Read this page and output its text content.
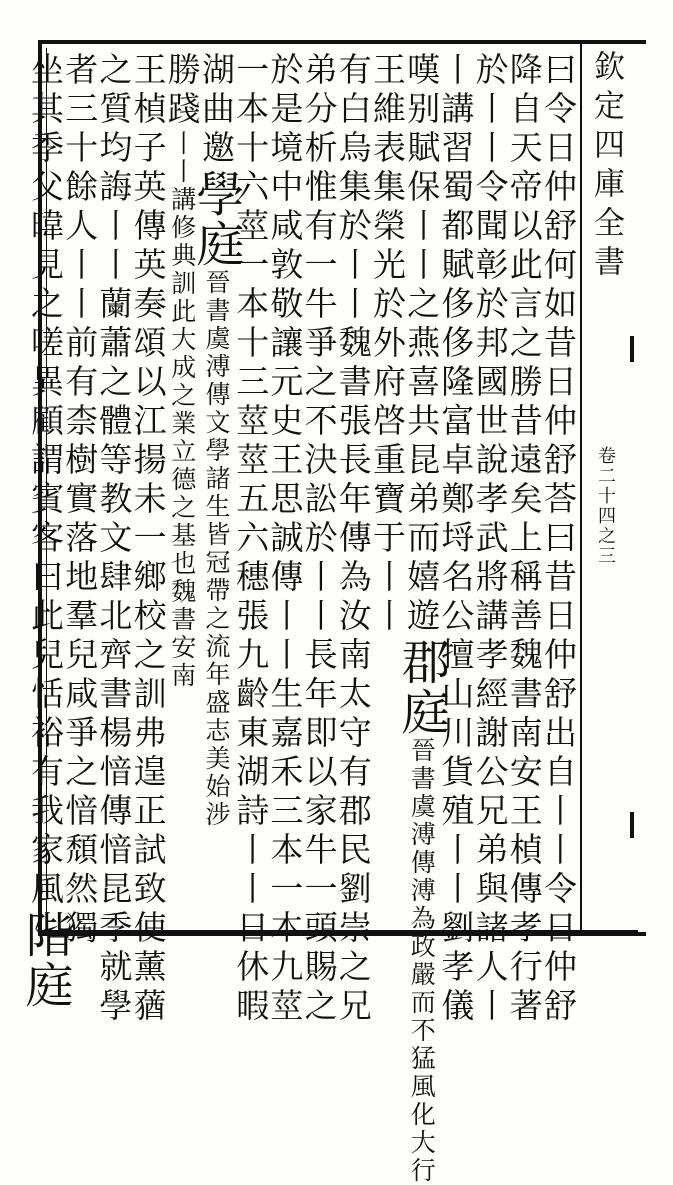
欽定四庫全書
卷二十四之三
曰令日仲舒何如昔日仲舒荅曰昔日仲舒出自丨丨令日仲舒
降自天帝以此言之勝昔遠矣上稱善魏書南安王楨傳孝行著
於丨丨令聞彰於邦國世說孝武將講孝經謝公兄弟與諸人丨
丨講習蜀都賦侈侈隆富卓鄭埒名公擅山川貨殖丨丨劉孝儀
嘆别賦保丨丨之燕喜共昆弟而嬉遊郡庭晉書虞溥傳溥為政嚴而不猛風化大行
王維表集榮光於外府啓重寶于丨丨
有白烏集於丨丨魏書張長年傳為汝南太守有郡民劉崇之兄
弟分析惟有一牛爭之不決訟於丨丨長年即以家牛一頭賜之
於是境中咸敦敬讓元史王思誠傳丨丨生嘉禾三本一本九莖
一本十六莖一本十三莖莖五六穗張九齡東湖詩丨丨日休暇
湖曲邀學庭晉書虞溥傳文學諸生皆冠帶之流年盛志美始涉
勝踐丨丨講修典訓此大成之業立德之基也魏書安南
王楨子英傳英奏頌以江揚未一鄉校之訓弗遑正試致使薰蕕
之質均誨丨丨蘭蕭之體等教文肆北齊書楊愔傳愔昆季就學
者三十餘人丨丨前有柰樹實落地羣兒咸爭之愔頹然獨
坐其季父暐見之嗟異顧謂賓客曰此兒恬裕有我家風階庭
